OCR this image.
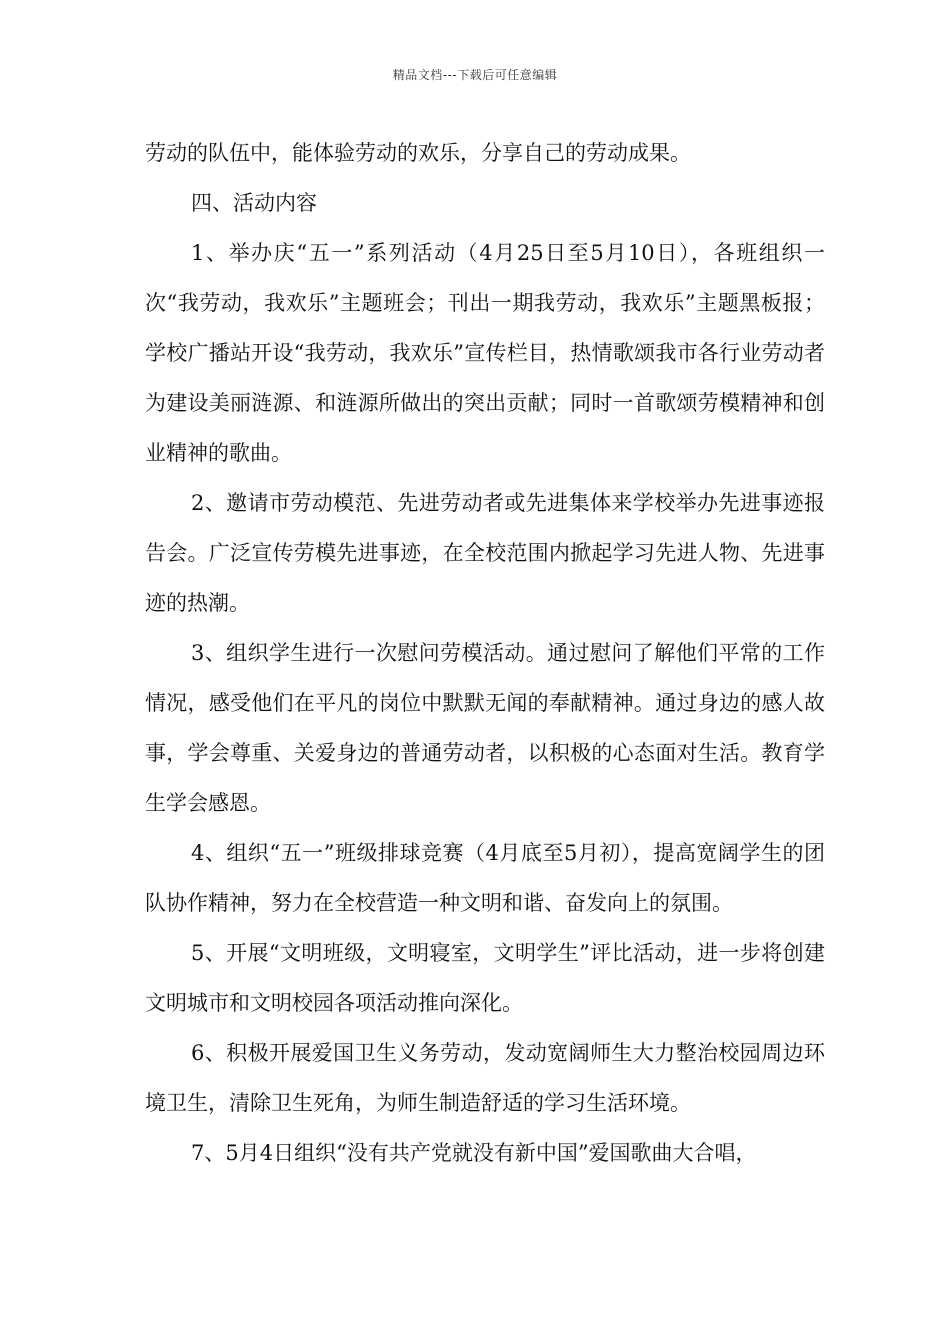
精品文档---下载后可任意编辑

劳动的队伍中，能体验劳动的欢乐，分享自己的劳动成果。

四、活动内容

1、举办庆“五一”系列活动（4月25日至5月10日），各班组织一次“我劳动，我欢乐”主题班会；刊出一期我劳动，我欢乐”主题黑板报；学校广播站开设“我劳动，我欢乐”宣传栏目，热情歌颂我市各行业劳动者为建设美丽涟源、和涟源所做出的突出贡献；同时一首歌颂劳模精神和创业精神的歌曲。

2、邀请市劳动模范、先进劳动者或先进集体来学校举办先进事迹报告会。广泛宣传劳模先进事迹，在全校范围内掀起学习先进人物、先进事迹的热潮。

3、组织学生进行一次慰问劳模活动。通过慰问了解他们平常的工作情况，感受他们在平凡的岗位中默默无闻的奉献精神。通过身边的感人故事，学会尊重、关爱身边的普通劳动者，以积极的心态面对生活。教育学生学会感恩。

4、组织“五一”班级排球竞赛（4月底至5月初），提高宽阔学生的团队协作精神，努力在全校营造一种文明和谐、奋发向上的氛围。

5、开展“文明班级，文明寝室，文明学生”评比活动，进一步将创建文明城市和文明校园各项活动推向深化。

6、积极开展爱国卫生义务劳动，发动宽阔师生大力整治校园周边环境卫生，清除卫生死角，为师生制造舒适的学习生活环境。

7、5月4日组织“没有共产党就没有新中国”爱国歌曲大合唱，
